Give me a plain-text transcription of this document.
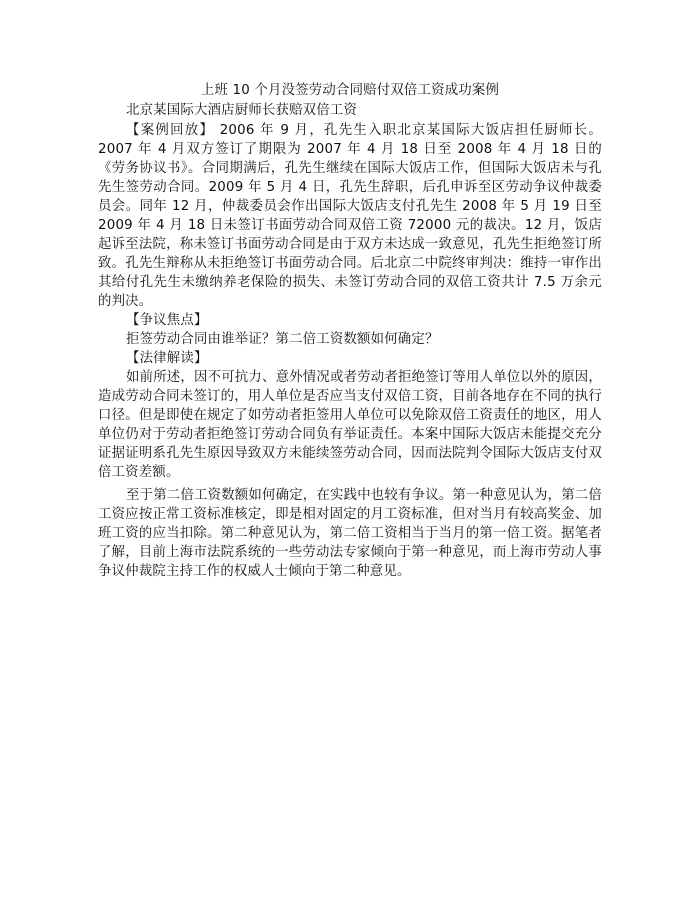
上班 10 个月没签劳动合同赔付双倍工资成功案例

北京某国际大酒店厨师长获赔双倍工资

【案例回放】 2006 年 9 月，孔先生入职北京某国际大饭店担任厨师长。2007 年 4 月双方签订了期限为 2007 年 4 月 18 日至 2008 年 4 月 18 日的《劳务协议书》。合同期满后，孔先生继续在国际大饭店工作，但国际大饭店未与孔先生签劳动合同。2009 年 5 月 4 日，孔先生辞职，后孔申诉至区劳动争议仲裁委员会。同年 12 月，仲裁委员会作出国际大饭店支付孔先生 2008 年 5 月 19 日至 2009 年 4 月 18 日未签订书面劳动合同双倍工资 72000 元的裁决。12 月，饭店起诉至法院，称未签订书面劳动合同是由于双方未达成一致意见，孔先生拒绝签订所致。孔先生辩称从未拒绝签订书面劳动合同。后北京二中院终审判决：维持一审作出其给付孔先生未缴纳养老保险的损失、未签订劳动合同的双倍工资共计 7.5 万余元的判决。

【争议焦点】

拒签劳动合同由谁举证？第二倍工资数额如何确定？

【法律解读】

如前所述，因不可抗力、意外情况或者劳动者拒绝签订等用人单位以外的原因，造成劳动合同未签订的，用人单位是否应当支付双倍工资，目前各地存在不同的执行口径。但是即使在规定了如劳动者拒签用人单位可以免除双倍工资责任的地区，用人单位仍对于劳动者拒绝签订劳动合同负有举证责任。本案中国际大饭店未能提交充分证据证明系孔先生原因导致双方未能续签劳动合同，因而法院判令国际大饭店支付双倍工资差额。

至于第二倍工资数额如何确定，在实践中也较有争议。第一种意见认为，第二倍工资应按正常工资标准核定，即是相对固定的月工资标准，但对当月有较高奖金、加班工资的应当扣除。第二种意见认为，第二倍工资相当于当月的第一倍工资。据笔者了解，目前上海市法院系统的一些劳动法专家倾向于第一种意见，而上海市劳动人事争议仲裁院主持工作的权威人士倾向于第二种意见。
